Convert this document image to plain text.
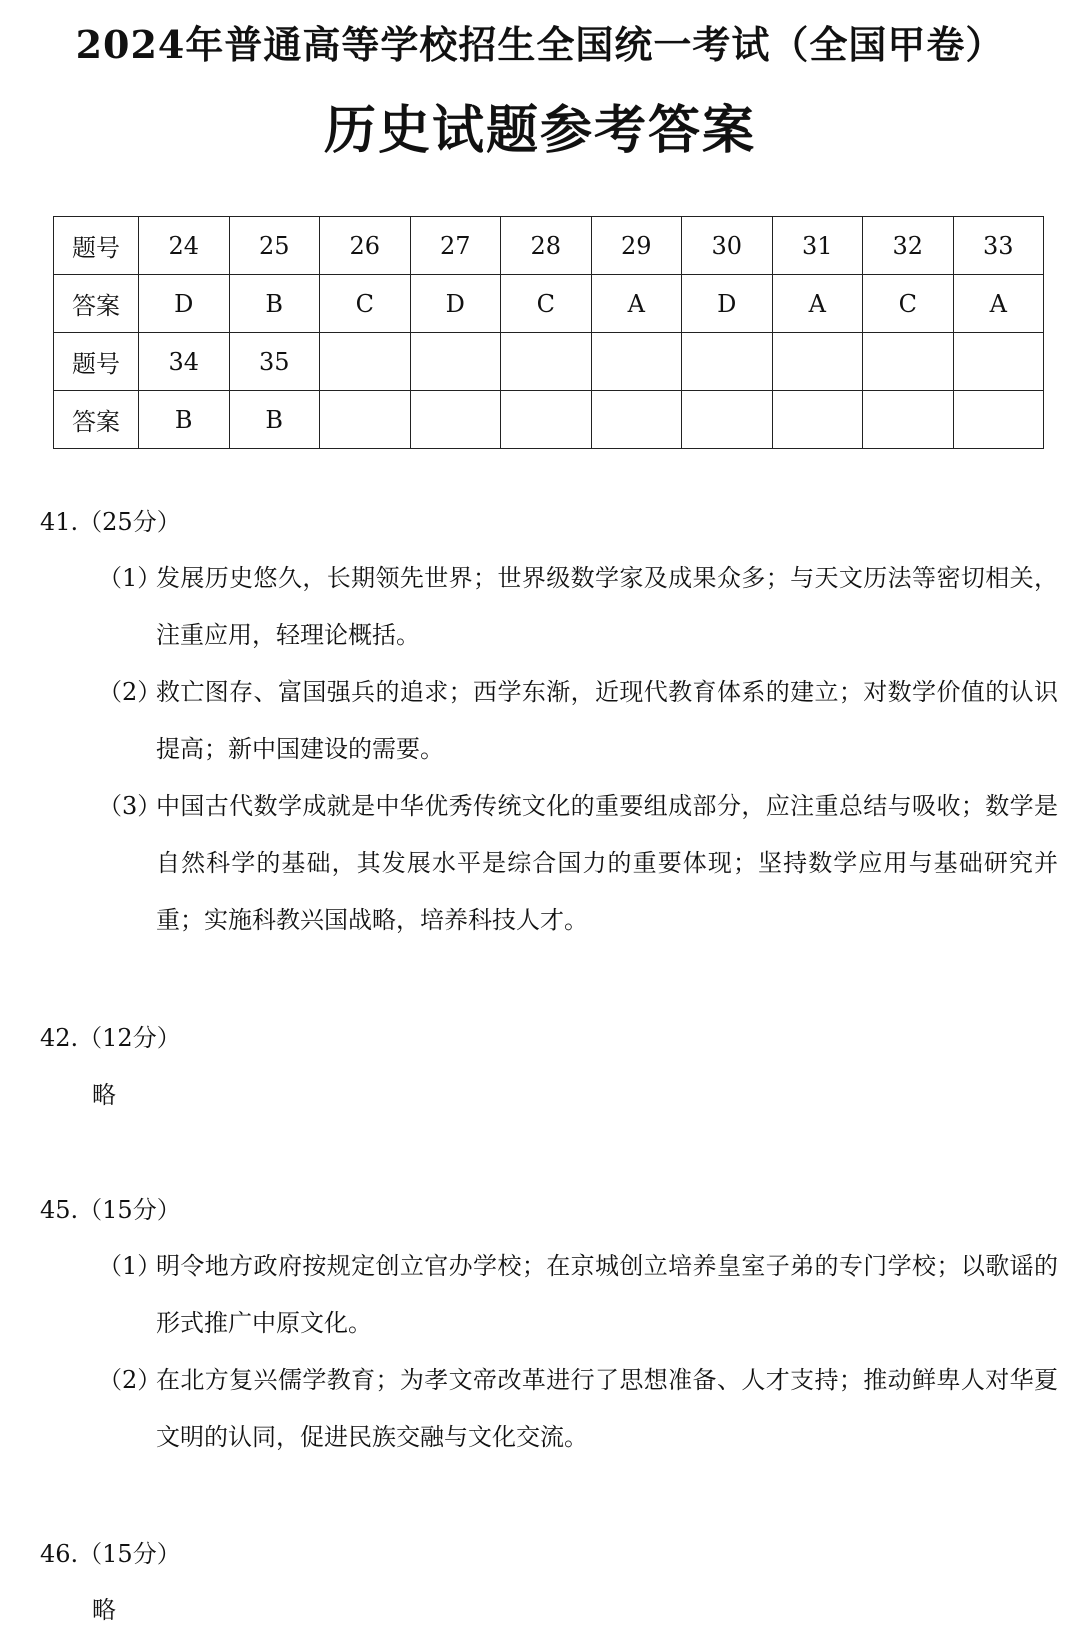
2024年普通高等学校招生全国统一考试（全国甲卷）
历史试题参考答案
题号	24	25	26	27	28	29	30	31	32	33
答案	D	B	C	D	C	A	D	A	C	A
题号	34	35								
答案	B	B								
41.（25分）
（1）
发展历史悠久，长期领先世界；世界级数学家及成果众多；与天文历法等密切相关，注重应用，轻理论概括。
（2）
救亡图存、富国强兵的追求；西学东渐，近现代教育体系的建立；对数学价值的认识提高；新中国建设的需要。
（3）
中国古代数学成就是中华优秀传统文化的重要组成部分，应注重总结与吸收；数学是自然科学的基础，其发展水平是综合国力的重要体现；坚持数学应用与基础研究并重；实施科教兴国战略，培养科技人才。
42.（12分）
略
45.（15分）
（1）
明令地方政府按规定创立官办学校；在京城创立培养皇室子弟的专门学校；以歌谣的形式推广中原文化。
（2）
在北方复兴儒学教育；为孝文帝改革进行了思想准备、人才支持；推动鲜卑人对华夏文明的认同，促进民族交融与文化交流。
46.（15分）
略
